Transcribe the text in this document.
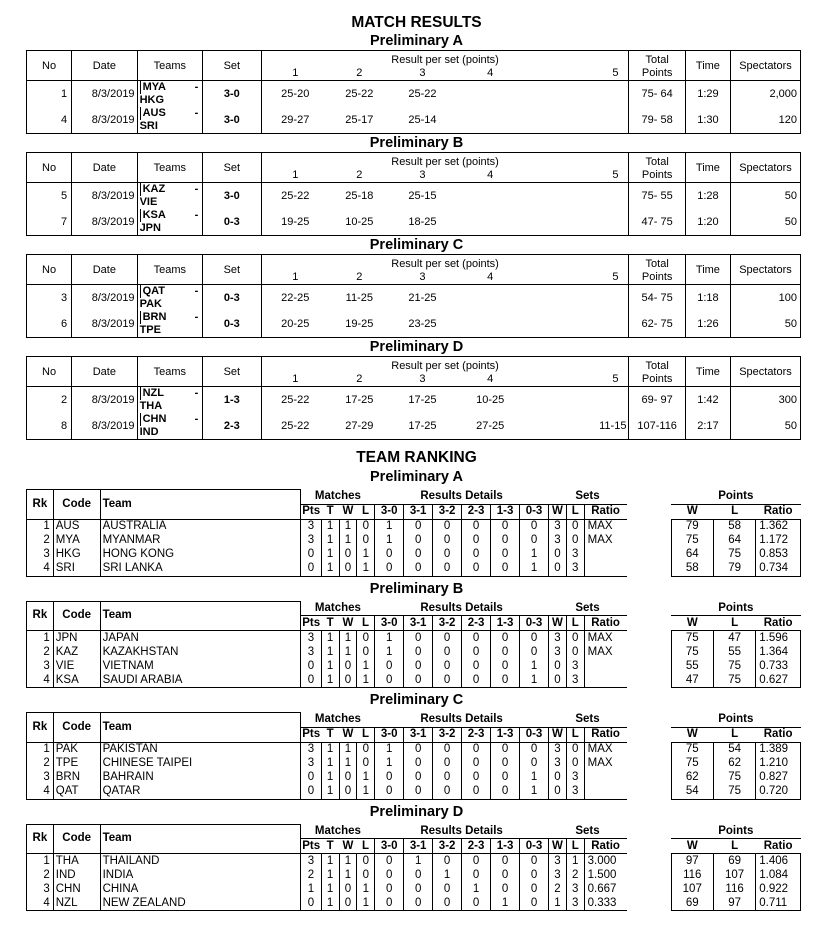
MATCH RESULTS
Preliminary A
No	Date	Teams	Set	Result per set (points)					Total	Time	Spectators
				1	2	3	4	5	Points		
1	8/3/2019	MYA - HKG	3-0	25-20	25-22	25-22			75- 64	1:29	2,000
4	8/3/2019	AUS - SRI	3-0	29-27	25-17	25-14			79- 58	1:30	120
Preliminary B
No	Date	Teams	Set	Result per set (points)					Total	Time	Spectators
				1	2	3	4	5	Points		
5	8/3/2019	KAZ - VIE	3-0	25-22	25-18	25-15			75- 55	1:28	50
7	8/3/2019	KSA - JPN	0-3	19-25	10-25	18-25			47- 75	1:20	50
Preliminary C
No	Date	Teams	Set	Result per set (points)					Total	Time	Spectators
				1	2	3	4	5	Points		
3	8/3/2019	QAT - PAK	0-3	22-25	11-25	21-25			54- 75	1:18	100
6	8/3/2019	BRN - TPE	0-3	20-25	19-25	23-25			62- 75	1:26	50
Preliminary D
No	Date	Teams	Set	Result per set (points)					Total	Time	Spectators
				1	2	3	4	5	Points		
2	8/3/2019	NZL - THA	1-3	25-22	17-25	17-25	10-25		69- 97	1:42	300
8	8/3/2019	CHN - IND	2-3	25-22	27-29	17-25	27-25	11-15	107-116	2:17	50
TEAM RANKING
Preliminary A
Rk	Code	Team	Matches				Results Details						Sets				Points		
			Pts	T	W	L	3-0	3-1	3-2	2-3	1-3	0-3	W	L	Ratio		W	L	Ratio
1	AUS	AUSTRALIA	3	1	1	0	1	0	0	0	0	0	3	0	MAX		79	58	1.362
2	MYA	MYANMAR	3	1	1	0	1	0	0	0	0	0	3	0	MAX		75	64	1.172
3	HKG	HONG KONG	0	1	0	1	0	0	0	0	0	1	0	3			64	75	0.853
4	SRI	SRI LANKA	0	1	0	1	0	0	0	0	0	1	0	3			58	79	0.734
Preliminary B
Rk	Code	Team	Matches				Results Details						Sets				Points		
			Pts	T	W	L	3-0	3-1	3-2	2-3	1-3	0-3	W	L	Ratio		W	L	Ratio
1	JPN	JAPAN	3	1	1	0	1	0	0	0	0	0	3	0	MAX		75	47	1.596
2	KAZ	KAZAKHSTAN	3	1	1	0	1	0	0	0	0	0	3	0	MAX		75	55	1.364
3	VIE	VIETNAM	0	1	0	1	0	0	0	0	0	1	0	3			55	75	0.733
4	KSA	SAUDI ARABIA	0	1	0	1	0	0	0	0	0	1	0	3			47	75	0.627
Preliminary C
Rk	Code	Team	Matches				Results Details						Sets				Points		
			Pts	T	W	L	3-0	3-1	3-2	2-3	1-3	0-3	W	L	Ratio		W	L	Ratio
1	PAK	PAKISTAN	3	1	1	0	1	0	0	0	0	0	3	0	MAX		75	54	1.389
2	TPE	CHINESE TAIPEI	3	1	1	0	1	0	0	0	0	0	3	0	MAX		75	62	1.210
3	BRN	BAHRAIN	0	1	0	1	0	0	0	0	0	1	0	3			62	75	0.827
4	QAT	QATAR	0	1	0	1	0	0	0	0	0	1	0	3			54	75	0.720
Preliminary D
Rk	Code	Team	Matches				Results Details						Sets				Points		
			Pts	T	W	L	3-0	3-1	3-2	2-3	1-3	0-3	W	L	Ratio		W	L	Ratio
1	THA	THAILAND	3	1	1	0	0	1	0	0	0	0	3	1	3.000		97	69	1.406
2	IND	INDIA	2	1	1	0	0	0	1	0	0	0	3	2	1.500		116	107	1.084
3	CHN	CHINA	1	1	0	1	0	0	0	1	0	0	2	3	0.667		107	116	0.922
4	NZL	NEW ZEALAND	0	1	0	1	0	0	0	0	1	0	1	3	0.333		69	97	0.711
